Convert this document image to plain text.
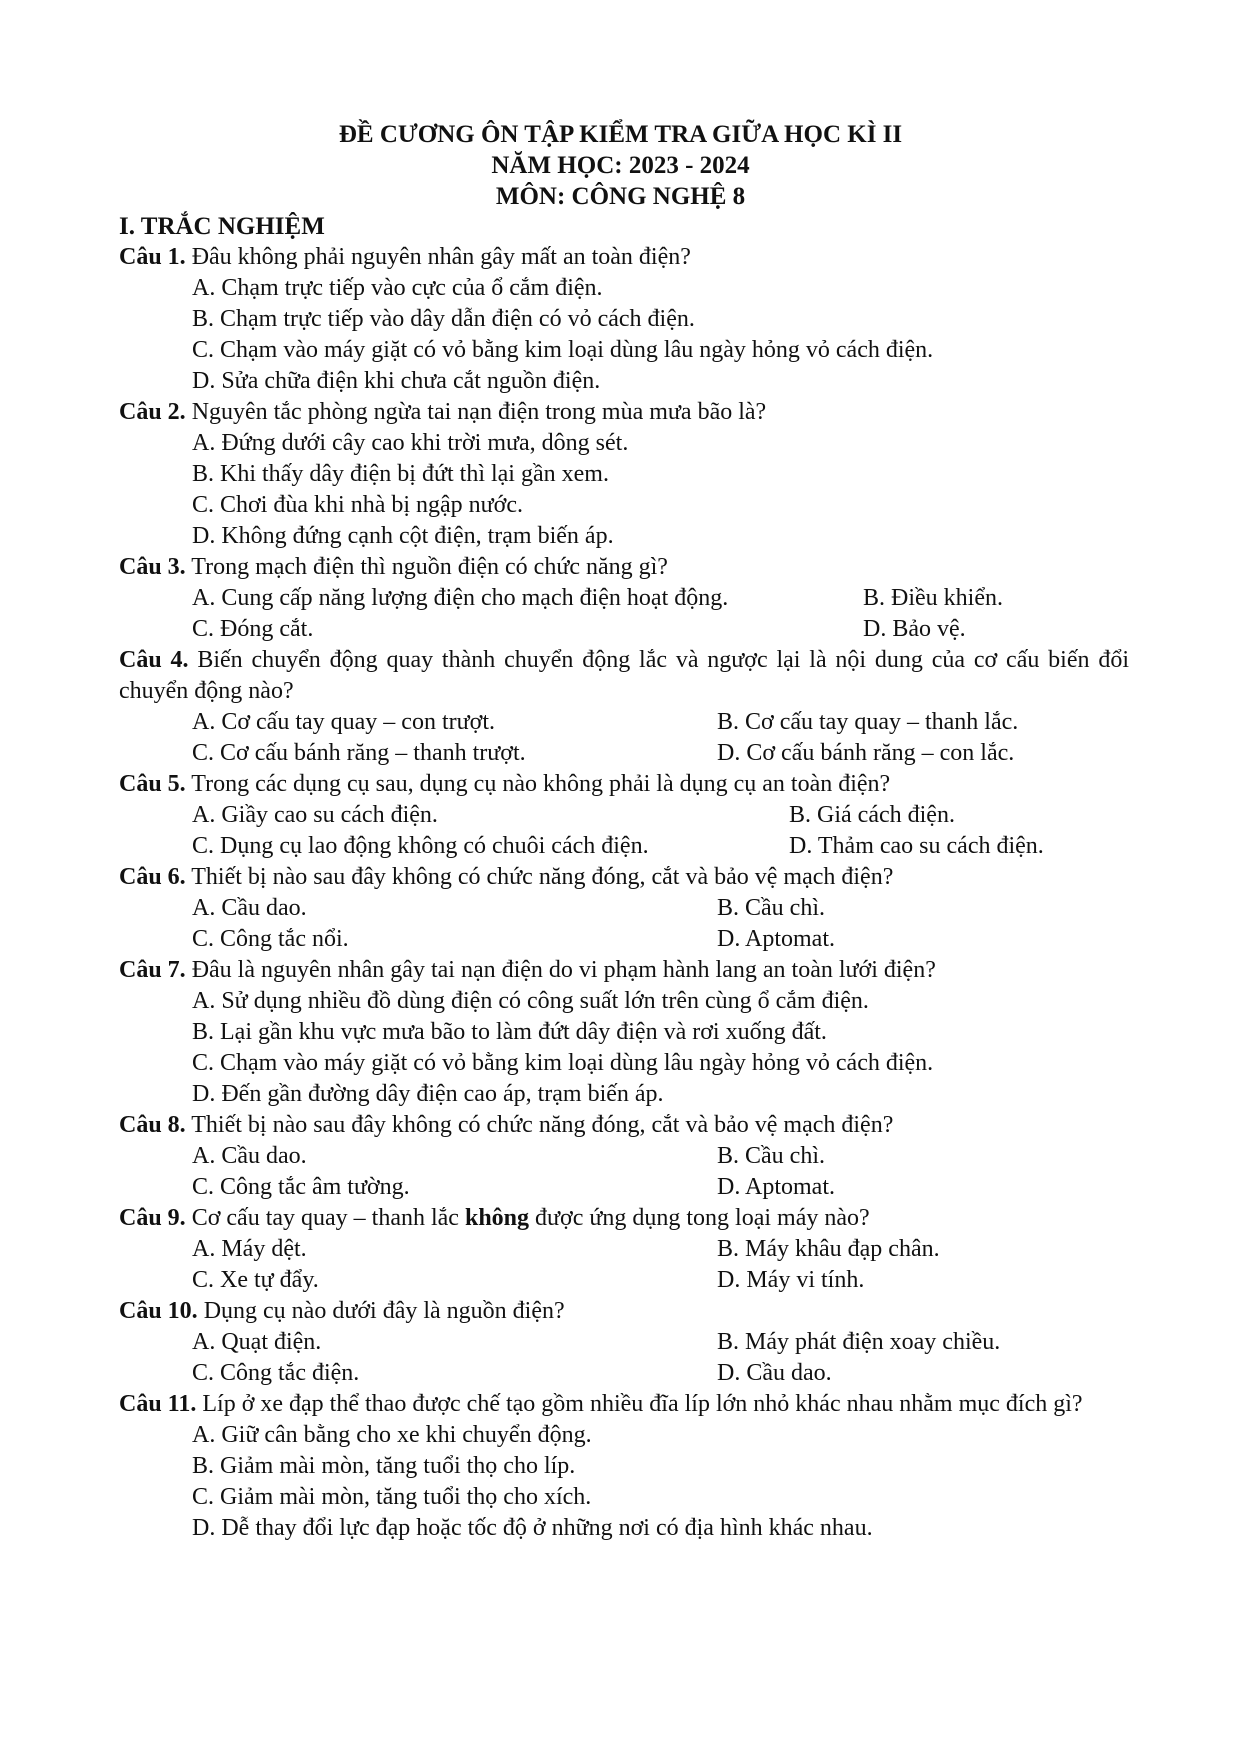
ĐỀ CƯƠNG ÔN TẬP KIỂM TRA GIỮA HỌC KÌ II
NĂM HỌC: 2023 - 2024
MÔN: CÔNG NGHỆ 8
I. TRẮC NGHIỆM
Câu 1. Đâu không phải nguyên nhân gây mất an toàn điện?
A. Chạm trực tiếp vào cực của ổ cắm điện.
B. Chạm trực tiếp vào dây dẫn điện có vỏ cách điện.
C. Chạm vào máy giặt có vỏ bằng kim loại dùng lâu ngày hỏng vỏ cách điện.
D. Sửa chữa điện khi chưa cắt nguồn điện.
Câu 2. Nguyên tắc phòng ngừa tai nạn điện trong mùa mưa bão là?
A. Đứng dưới cây cao khi trời mưa, dông sét.
B. Khi thấy dây điện bị đứt thì lại gần xem.
C. Chơi đùa khi nhà bị ngập nước.
D. Không đứng cạnh cột điện, trạm biến áp.
Câu 3. Trong mạch điện thì nguồn điện có chức năng gì?
A. Cung cấp năng lượng điện cho mạch điện hoạt động.	B. Điều khiển.
C. Đóng cắt.	D. Bảo vệ.
Câu 4. Biến chuyển động quay thành chuyển động lắc và ngược lại là nội dung của cơ cấu biến đổi chuyển động nào?
A. Cơ cấu tay quay – con trượt.	B. Cơ cấu tay quay – thanh lắc.
C. Cơ cấu bánh răng – thanh trượt.	D. Cơ cấu bánh răng – con lắc.
Câu 5. Trong các dụng cụ sau, dụng cụ nào không phải là dụng cụ an toàn điện?
A. Giầy cao su cách điện.	B. Giá cách điện.
C. Dụng cụ lao động không có chuôi cách điện.	D. Thảm cao su cách điện.
Câu 6. Thiết bị nào sau đây không có chức năng đóng, cắt và bảo vệ mạch điện?
A. Cầu dao.	B. Cầu chì.
C. Công tắc nổi.	D. Aptomat.
Câu 7. Đâu là nguyên nhân gây tai nạn điện do vi phạm hành lang an toàn lưới điện?
A. Sử dụng nhiều đồ dùng điện có công suất lớn trên cùng ổ cắm điện.
B. Lại gần khu vực mưa bão to làm đứt dây điện và rơi xuống đất.
C. Chạm vào máy giặt có vỏ bằng kim loại dùng lâu ngày hỏng vỏ cách điện.
D. Đến gần đường dây điện cao áp, trạm biến áp.
Câu 8. Thiết bị nào sau đây không có chức năng đóng, cắt và bảo vệ mạch điện?
A. Cầu dao.	B. Cầu chì.
C. Công tắc âm tường.	D. Aptomat.
Câu 9. Cơ cấu tay quay – thanh lắc không được ứng dụng tong loại máy nào?
A. Máy dệt.	B. Máy khâu đạp chân.
C. Xe tự đẩy.	D. Máy vi tính.
Câu 10. Dụng cụ nào dưới đây là nguồn điện?
A. Quạt điện.	B. Máy phát điện xoay chiều.
C. Công tắc điện.	D. Cầu dao.
Câu 11. Líp ở xe đạp thể thao được chế tạo gồm nhiều đĩa líp lớn nhỏ khác nhau nhằm mục đích gì?
A. Giữ cân bằng cho xe khi chuyển động.
B. Giảm mài mòn, tăng tuổi thọ cho líp.
C. Giảm mài mòn, tăng tuổi thọ cho xích.
D. Dễ thay đổi lực đạp hoặc tốc độ ở những nơi có địa hình khác nhau.
